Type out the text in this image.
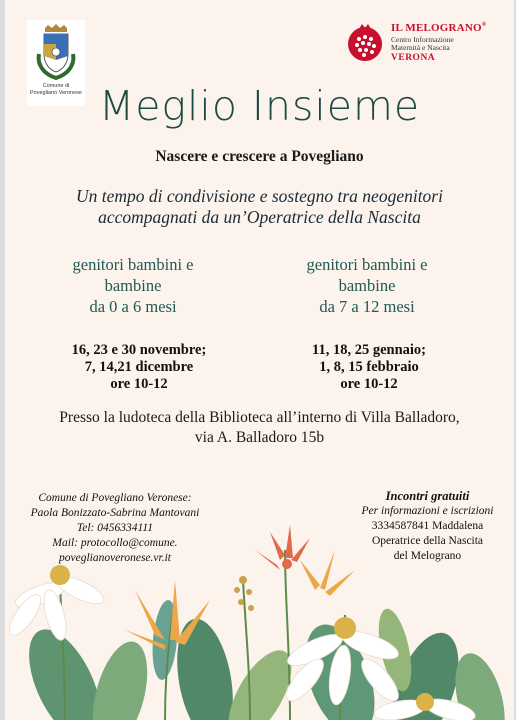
Comune di
Povegliano Veronese
IL MELOGRANO®
Centro Informazione
Maternità e Nascita
VERONA
Meglio Insieme
Nascere e crescere a Povegliano
Un tempo di condivisione e sostegno tra neogenitori
accompagnati da un’Operatrice della Nascita
genitori bambini e
bambine
da 0 a 6 mesi
genitori bambini e
bambine
da 7 a 12 mesi
16, 23 e 30 novembre;
7, 14,21 dicembre
ore 10-12
11, 18, 25 gennaio;
1, 8, 15 febbraio
ore 10-12
Presso la ludoteca della Biblioteca all’interno di Villa Balladoro,
via A. Balladoro 15b
Comune di Povegliano Veronese:
Paola Bonizzato-Sabrina Mantovani
Tel: 0456334111
Mail: protocollo@comune.
poveglianoveronese.vr.it
Incontri gratuiti
Per informazioni e iscrizioni
3334587841 Maddalena
Operatrice della Nascita
del Melograno
